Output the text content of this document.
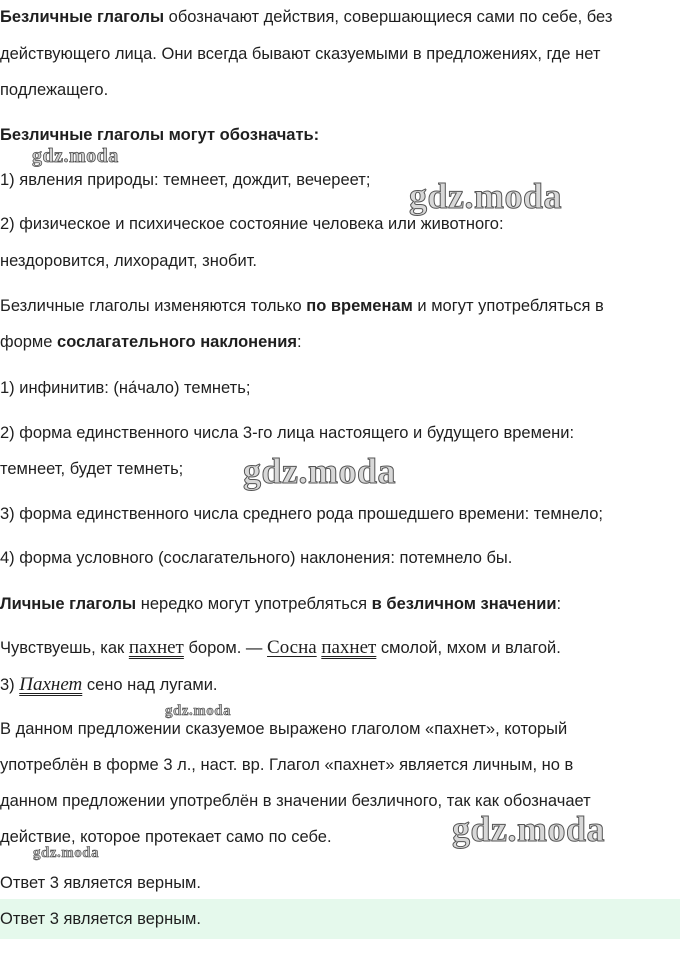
Безличные глаголы обозначают действия, совершающиеся сами по себе, без
действующего лица. Они всегда бывают сказуемыми в предложениях, где нет
подлежащего.
Безличные глаголы могут обозначать:
1) явления природы: темнеет, дождит, вечереет;
2) физическое и психическое состояние человека или животного:
нездоровится, лихорадит, знобит.
Безличные глаголы изменяются только по временам и могут употребляться в
форме сослагательного наклонения:
1) инфинитив: (на́чало) темнеть;
2) форма единственного числа 3-го лица настоящего и будущего времени:
темнеет, будет темнеть;
3) форма единственного числа среднего рода прошедшего времени: темнело;
4) форма условного (сослагательного) наклонения: потемнело бы.
Личные глаголы нередко могут употребляться в безличном значении:
Чувствуешь, как пахнет бором. — Сосна пахнет смолой, мхом и влагой.
3) Пахнет сено над лугами.
В данном предложении сказуемое выражено глаголом «пахнет», который
употреблён в форме 3 л., наст. вр. Глагол «пахнет» является личным, но в
данном предложении употреблён в значении безличного, так как обозначает
действие, которое протекает само по себе.
Ответ 3 является верным.
Ответ 3 является верным.
gdz.moda
gdz.moda
gdz.moda
gdz.moda
gdz.moda
gdz.moda
